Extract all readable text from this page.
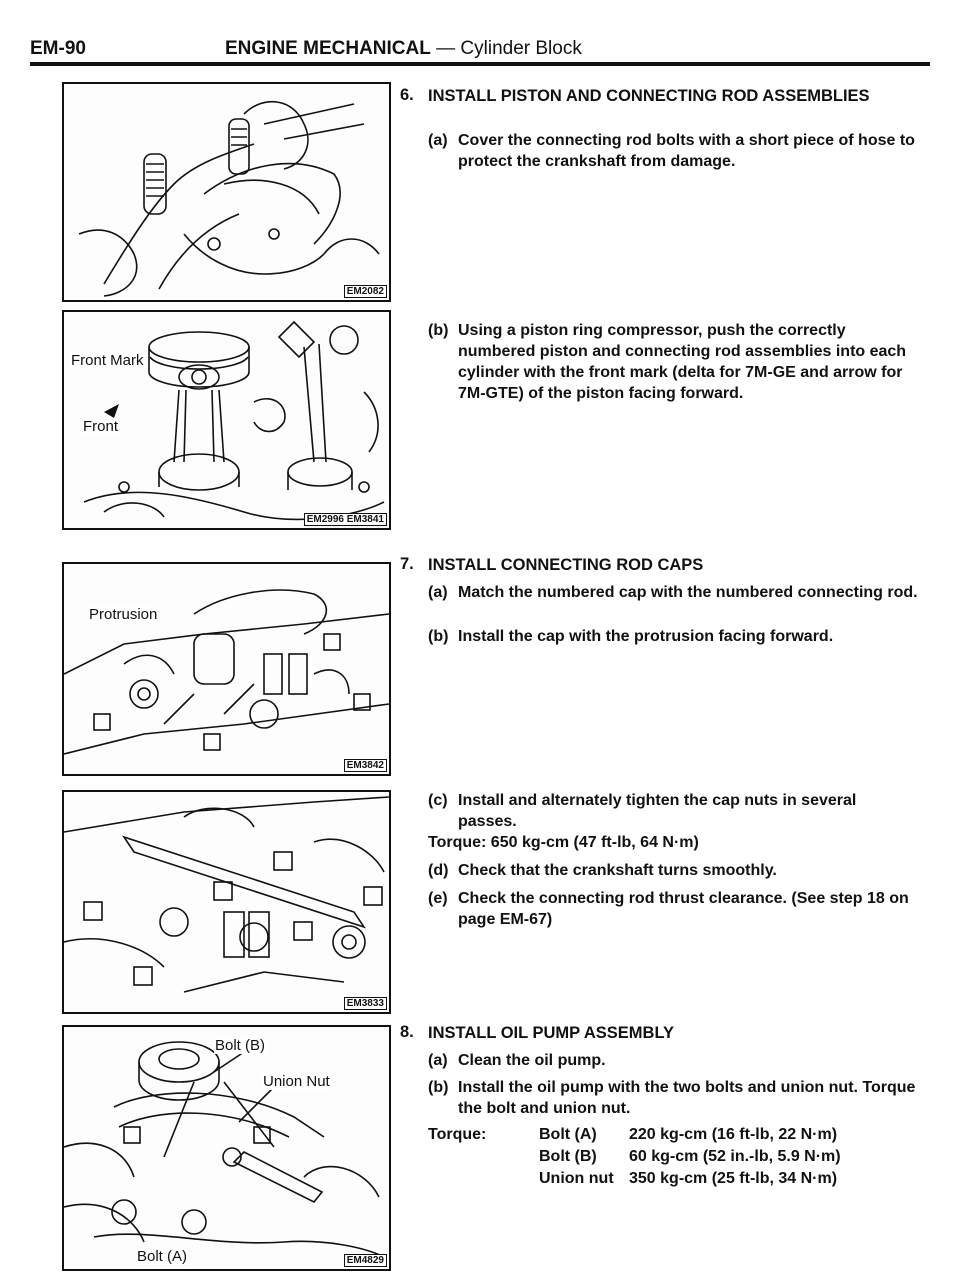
EM-90	ENGINE MECHANICAL — Cylinder Block
EM2082
Front Mark
Front
EM2996 EM3841
Protrusion
EM3842
EM3833
Bolt (B)
Union Nut
Bolt (A)	EM4829
6. INSTALL PISTON AND CONNECTING ROD ASSEMBLIES
(a) Cover the connecting rod bolts with a short piece of hose to protect the crankshaft from damage.
(b) Using a piston ring compressor, push the correctly numbered piston and connecting rod assemblies into each cylinder with the front mark (delta for 7M-GE and arrow for 7M-GTE) of the piston facing forward.
7. INSTALL CONNECTING ROD CAPS
(a) Match the numbered cap with the numbered connecting rod.
(b) Install the cap with the protrusion facing forward.
(c) Install and alternately tighten the cap nuts in several passes.
Torque: 650 kg-cm (47 ft-lb, 64 N·m)
(d) Check that the crankshaft turns smoothly.
(e) Check the connecting rod thrust clearance. (See step 18 on page EM-67)
8. INSTALL OIL PUMP ASSEMBLY
(a) Clean the oil pump.
(b) Install the oil pump with the two bolts and union nut. Torque the bolt and union nut.
Torque:	Bolt (A) 220 kg-cm (16 ft-lb, 22 N·m)
Bolt (B) 60 kg-cm (52 in.-lb, 5.9 N·m)
Union nut 350 kg-cm (25 ft-lb, 34 N·m)
